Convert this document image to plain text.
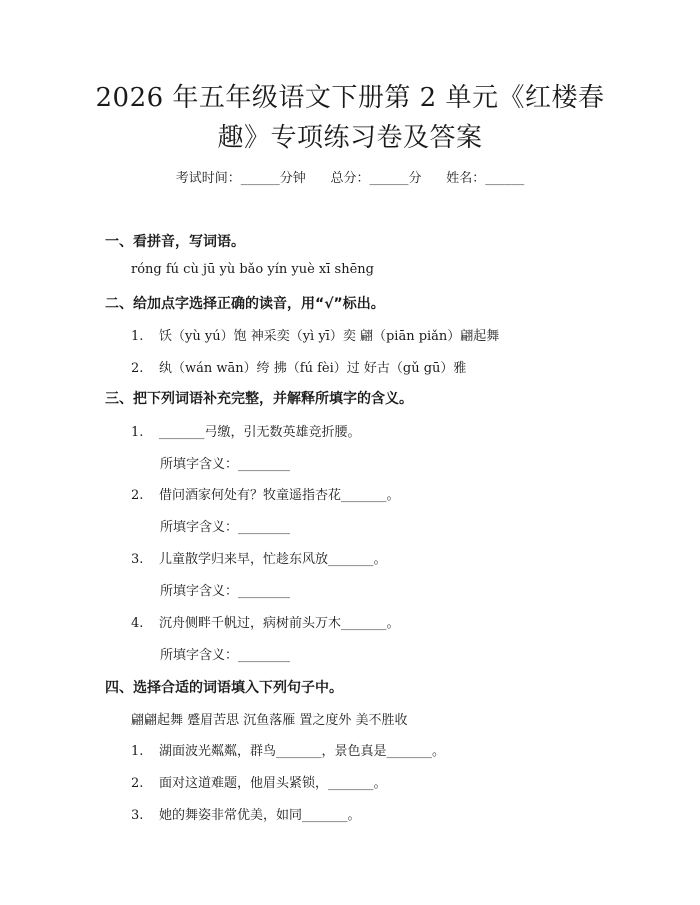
2026 年五年级语文下册第 2 单元《红楼春
趣》专项练习卷及答案
考试时间：______分钟      总分：______分      姓名：______
一、看拼音，写词语。
róng fú cù jū yù bǎo yín yuè xī shēng
二、给加点字选择正确的读音，用“√”标出。
1. 饫（yù yú）饱 神采奕（yì yī）奕 翩（piān piǎn）翩起舞
2. 纨（wán wān）绔 拂（fú fèi）过 好古（gǔ gū）雅
三、把下列词语补充完整，并解释所填字的含义。
1. _______弓缴，引无数英雄竞折腰。
所填字含义：________
2. 借问酒家何处有？牧童遥指杏花_______。
所填字含义：________
3. 儿童散学归来早，忙趁东风放_______。
所填字含义：________
4. 沉舟侧畔千帆过，病树前头万木_______。
所填字含义：________
四、选择合适的词语填入下列句子中。
翩翩起舞 蹙眉苦思 沉鱼落雁 置之度外 美不胜收
1. 湖面波光粼粼，群鸟_______，景色真是_______。
2. 面对这道难题，他眉头紧锁，_______。
3. 她的舞姿非常优美，如同_______。
